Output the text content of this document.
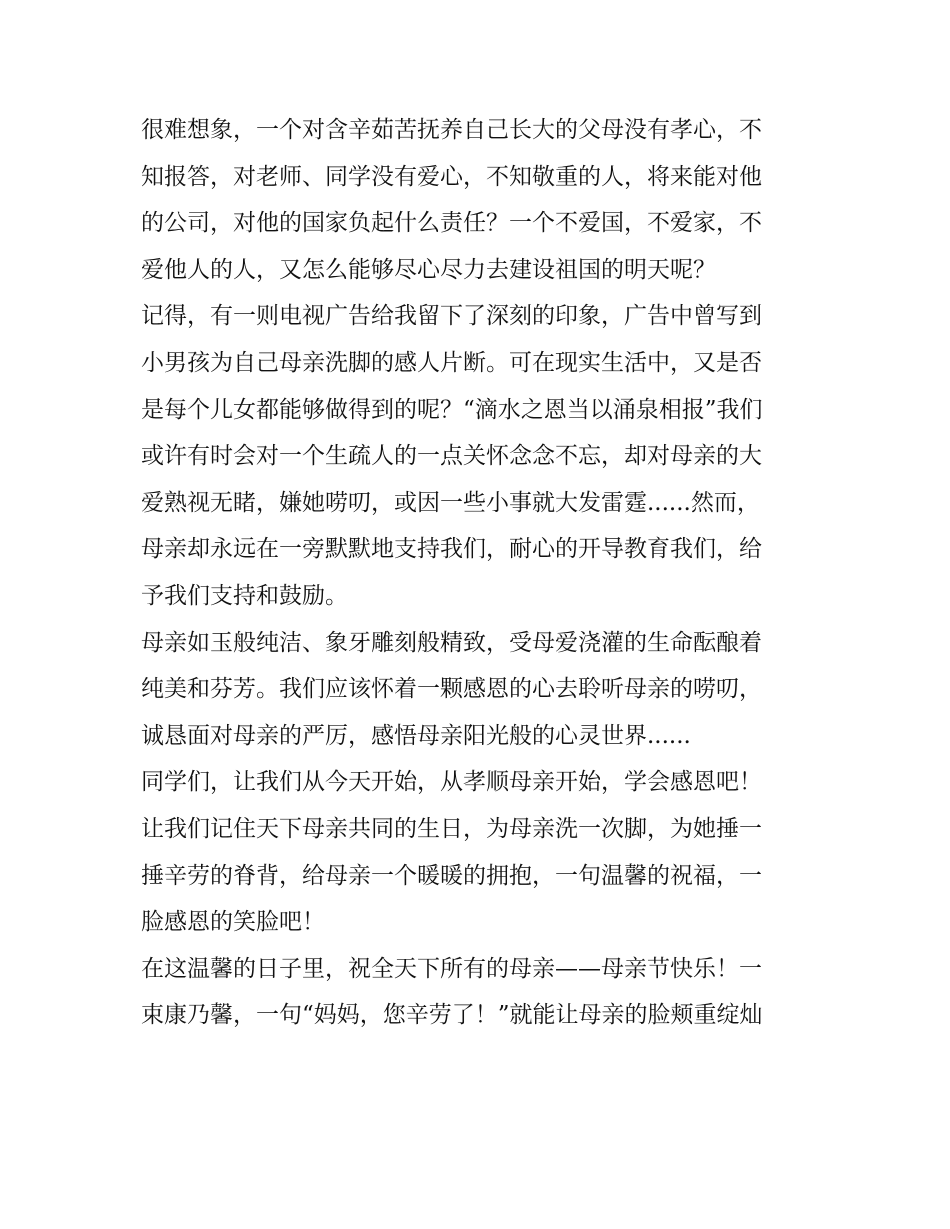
很难想象，一个对含辛茹苦抚养自己长大的父母没有孝心，不
知报答，对老师、同学没有爱心，不知敬重的人，将来能对他
的公司，对他的国家负起什么责任？一个不爱国，不爱家，不
爱他人的人，又怎么能够尽心尽力去建设祖国的明天呢？
记得，有一则电视广告给我留下了深刻的印象，广告中曾写到
小男孩为自己母亲洗脚的感人片断。可在现实生活中，又是否
是每个儿女都能够做得到的呢？“滴水之恩当以涌泉相报”我们
或许有时会对一个生疏人的一点关怀念念不忘，却对母亲的大
爱熟视无睹，嫌她唠叨，或因一些小事就大发雷霆......然而，
母亲却永远在一旁默默地支持我们，耐心的开导教育我们，给
予我们支持和鼓励。
母亲如玉般纯洁、象牙雕刻般精致，受母爱浇灌的生命酝酿着
纯美和芬芳。我们应该怀着一颗感恩的心去聆听母亲的唠叨，
诚恳面对母亲的严厉，感悟母亲阳光般的心灵世界......
同学们，让我们从今天开始，从孝顺母亲开始，学会感恩吧！
让我们记住天下母亲共同的生日，为母亲洗一次脚，为她捶一
捶辛劳的脊背，给母亲一个暖暖的拥抱，一句温馨的祝福，一
脸感恩的笑脸吧！
在这温馨的日子里，祝全天下所有的母亲——母亲节快乐！一
束康乃馨，一句“妈妈，您辛劳了！”就能让母亲的脸颊重绽灿
